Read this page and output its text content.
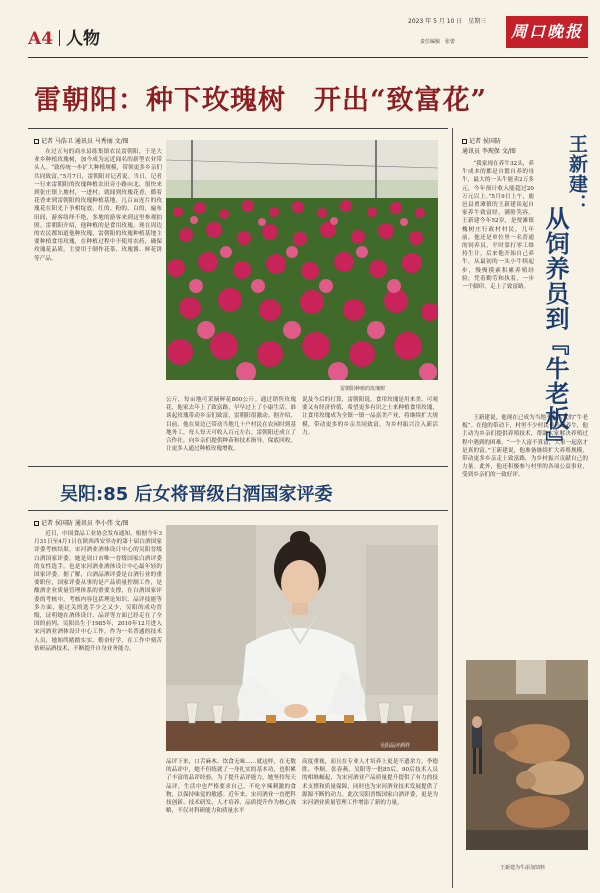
A4 人物
2023 年 5 月 10 日　星期三
责任编辑　张蕾
周口晚报
雷朝阳：种下玫瑰树　开出“致富花”
记者 马浩卫 通讯员 马秀丽 文/图
在过五句的商水县练集镇农民雷朝阳，于是大业乡种植玫瑰树，加今成为远近闻名的新型农业带头人。“致传统一步扩大种植规模，带领更多乡亲们共同致富。”5月7日，雷朝阳对记者说。当日，记者一行来雷朝阳的玫瑰种植农田旁小路向北，很快来到张庄镇上坡村，一进村，就闻到玫瑰花香，循着花香来到雷朝阳的玫瑰种植基地，几百亩连片的玫瑰花在阳光下争相绽放，红的、粉的、白的，遍布田间，游客络绎不绝，多地的游客来到这里参观拍照。雷朝阳介绍，他种植的是食用玫瑰。现在周边的农民都知道他种玫瑰，雷朝阳的玫瑰种植基地主要种植食用玫瑰，在种植过程中不使用农药，确保玫瑰花品质，主要用于制作花茶、玫瑰酱、鲜花饼等产品。
雷朝阳种植的玫瑰树
公斤，每亩地可采摘鲜花800公斤。通过销售玫瑰花，他家去年上了致富路，早早过上了小康生活。谁谈起玫瑰带动乡亲们致富，雷朝阳很激动。据介绍，目前，他在周边已带动当地几十户村民在农闲时到基地务工，每人每天可收入百元左右。雷朝阳还成立了合作社，向乡亲们提供种苗和技术指导，保底回收，让更多人通过种植玫瑰增收。
说及今后的打算，雷朝阳说，食用玫瑰是用来美、可观要又有经济价值，希望更多有识之士来种植食用玫瑰，让食用玫瑰成为全镇一镇一品富美产业，将继续扩大规模，带动更多的乡亲共同致富，为乡村振兴注入新活力。
吴阳:85 后女将晋级白酒国家评委
记者 侯国防 通讯员 李小伟 文/图
近日，中国食品工业协会发布通知，根据今年3月31日至4月1日在陕西西安举办的第十届白酒国家评委考核结果，宋河酒业酒体设计中心的吴阳晋级白酒国家评委。她是周口市唯一晋级国家白酒评委的女性选手，也是宋河酒业酒体设计中心最年轻的国家评委。据了解，白酒品酒评委是白酒行业的重要职位，国家评委从事的是产品质量控制工作，是酿酒企业质量管理体系的重要支撑，在白酒国家评委的考核中，考核内容包括理论知识、品评技能等多方面，能过关的选手少之又少，吴阳的成功晋级，证明她在酒体设计、品评等方面已经走在了全国的前列。吴阳出生于1985年，2010年12月进入宋河酒业酒体设计中心工作，作为一名普通的技术人员，她始终踏踏实实、勤奋好学，在工作中刻苦钻研品酒技术，不断提升自身业务能力。
吴阳品评酒样
品评下来，口舌麻木、饮食无味……就这样，在无数的品评中，她不但练就了一身扎实的基本功，也积累了丰富的品评经验。为了提升品评能力，她坚持每天品评，生活中也严格要求自己，不吃辛辣刺激的食物，以保持味觉的敏感。近年来，宋河酒业一直把科技创新、技术研发、人才培养、品质提升作为核心战略，不仅对科研能力和质量水平
高度重视，而且在专业人才培养上更是不遗余力。李德胜、李顺、张春燕、吴阳等一批85后、90后技术人员的相继崛起，为宋河酒业产品质量提升提供了有力的技术支撑和质量保障，同时也为宋河酒业技术发展提供了源源不断的动力。此次吴阳晋级国家白酒评委，更是为宋河酒业质量管理工作增添了新的力量。
记者 侯国防
通讯员 李现保 文/图	王新建：
从饲养员到『牛老板』
“我家现在养牛32头，养牛成本的都是自繁自养的母牛，最大的一头牛能卖2万多元，今年预计收入能超过20万元以上。”5月9日上午，鹿邑县贾滩镇的王新建谈起自家养牛致富经，满脸笑容。王新建今年52岁，是贾滩镇槐树庄行政村村民。几年前，他还是单位里一名普通的饲养员，平时靠打零工维持生计，后来他开始自己养牛，从最初的一头小牛犊起步，慢慢摸索积累养殖经验，凭着勤劳和执着，一步一个脚印，走上了致富路。
王新建说，他现在已成为当地小有名气的“牛老板”。在他的带动下，村里不少村民也开始养牛，他主动为乡亲们提供养殖技术，帮助大家解决养殖过程中遇到的困难。“一个人富不算富，大家一起富才是真的富。”王新建说，他准备继续扩大养殖规模，带动更多乡亲走上致富路，为乡村振兴贡献自己的力量。此外，他还积极参与村里的各项公益事业，受到乡亲们的一致好评。
王新建为牛添加饲料
